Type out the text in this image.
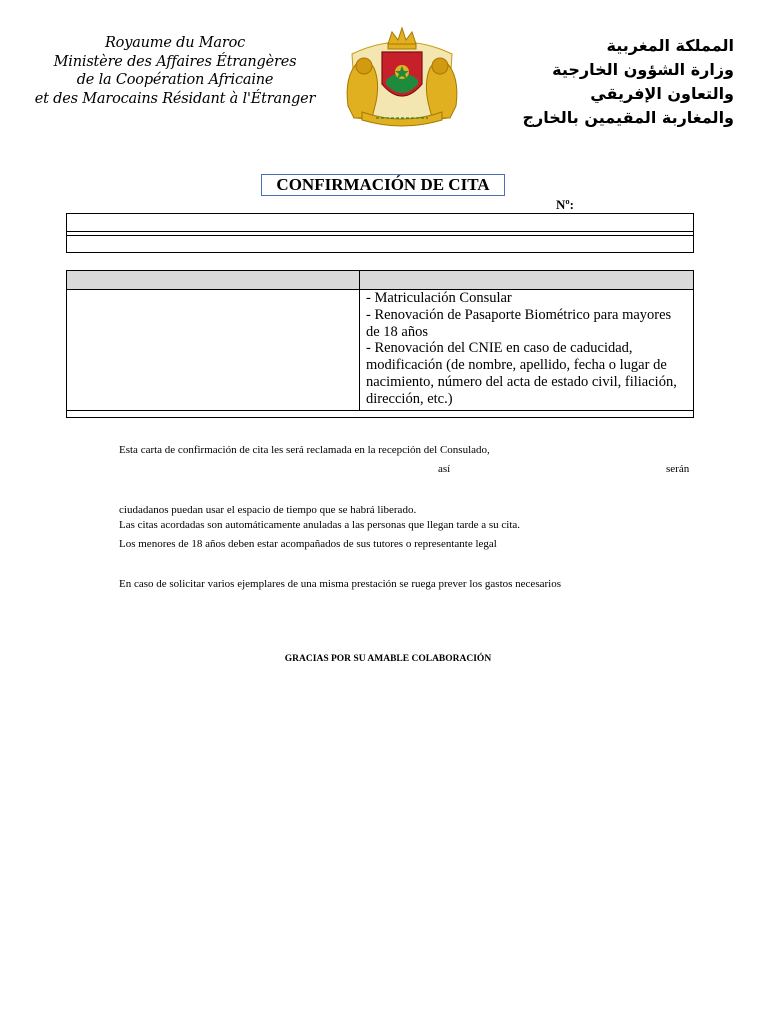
Royaume du Maroc
Ministère des Affaires Étrangères
de la Coopération Africaine
et des Marocains Résidant à l'Étranger
المملكة المغربية
وزارة الشؤون الخارجية
والتعاون الإفريقي
والمغاربة المقيمين بالخارج
CONFIRMACIÓN DE CITA
Nº:
- Matriculación Consular
- Renovación de Pasaporte Biométrico para mayores de 18 años
- Renovación del CNIE en caso de caducidad, modificación (de nombre, apellido, fecha o lugar de nacimiento, número del acta de estado civil, filiación, dirección, etc.)
Esta carta de confirmación de cita les será reclamada en la recepción del Consulado,
así	serán
ciudadanos puedan usar el espacio de tiempo que se habrá liberado.
Las citas acordadas son automáticamente anuladas a las personas que llegan tarde a su cita.
Los menores de 18 años deben estar acompañados de sus tutores o representante legal
En caso de solicitar varios ejemplares de una misma prestación se ruega prever los gastos necesarios
GRACIAS POR SU AMABLE COLABORACIÓN
